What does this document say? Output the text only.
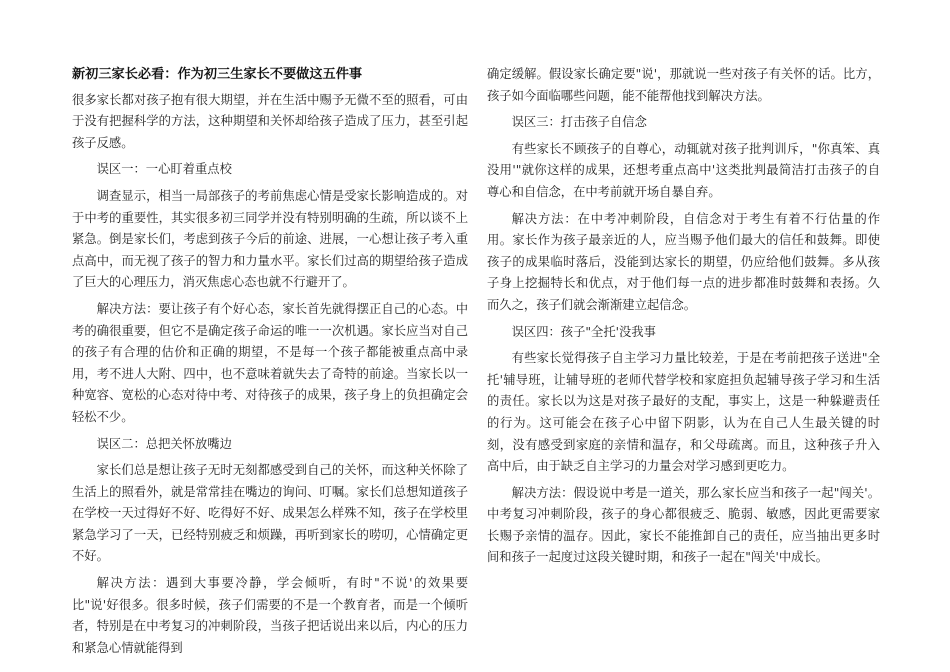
新初三家长必看：作为初三生家长不要做这五件事
很多家长都对孩子抱有很大期望，并在生活中赐予无微不至的照看，可由于没有把握科学的方法，这种期望和关怀却给孩子造成了压力，甚至引起孩子反感。
误区一：一心盯着重点校
调查显示，相当一局部孩子的考前焦虑心情是受家长影响造成的。对于中考的重要性，其实很多初三同学并没有特别明确的生疏，所以谈不上紧急。倒是家长们，考虑到孩子今后的前途、进展，一心想让孩子考入重点高中，而无视了孩子的智力和力量水平。家长们过高的期望给孩子造成了巨大的心理压力，消灭焦虑心态也就不行避开了。
解决方法：要让孩子有个好心态，家长首先就得摆正自己的心态。中考的确很重要，但它不是确定孩子命运的唯一一次机遇。家长应当对自己的孩子有合理的估价和正确的期望，不是每一个孩子都能被重点高中录用，考不进人大附、四中，也不意味着就失去了奇特的前途。当家长以一种宽容、宽松的心态对待中考、对待孩子的成果，孩子身上的负担确定会轻松不少。
误区二：总把关怀放嘴边
家长们总是想让孩子无时无刻都感受到自己的关怀，而这种关怀除了生活上的照看外，就是常常挂在嘴边的询问、叮嘱。家长们总想知道孩子在学校一天过得好不好、吃得好不好、成果怎么样殊不知，孩子在学校里紧急学习了一天，已经特别疲乏和烦躁，再听到家长的唠叨，心情确定更不好。
解决方法：遇到大事要冷静，学会倾听，有时"不说'的效果要比"说'好很多。很多时候，孩子们需要的不是一个教育者，而是一个倾听者，特别是在中考复习的冲刺阶段，当孩子把话说出来以后，内心的压力和紧急心情就能得到
确定缓解。假设家长确定要"说'，那就说一些对孩子有关怀的话。比方，孩子如今面临哪些问题，能不能帮他找到解决方法。
误区三：打击孩子自信念
有些家长不顾孩子的自尊心，动辄就对孩子批判训斥，"你真笨、真没用'"就你这样的成果，还想考重点高中'这类批判最简洁打击孩子的自尊心和自信念，在中考前就开场自暴自弃。
解决方法：在中考冲刺阶段，自信念对于考生有着不行估量的作用。家长作为孩子最亲近的人，应当赐予他们最大的信任和鼓舞。即使孩子的成果临时落后，没能到达家长的期望，仍应给他们鼓舞。多从孩子身上挖掘特长和优点，对于他们每一点的进步都准时鼓舞和表扬。久而久之，孩子们就会渐渐建立起信念。
误区四：孩子"全托'没我事
有些家长觉得孩子自主学习力量比较差，于是在考前把孩子送进"全托'辅导班，让辅导班的老师代替学校和家庭担负起辅导孩子学习和生活的责任。家长以为这是对孩子最好的支配，事实上，这是一种躲避责任的行为。这可能会在孩子心中留下阴影，认为在自己人生最关键的时刻，没有感受到家庭的亲情和温存，和父母疏离。而且，这种孩子升入高中后，由于缺乏自主学习的力量会对学习感到更吃力。
解决方法：假设说中考是一道关，那么家长应当和孩子一起"闯关'。中考复习冲刺阶段，孩子的身心都很疲乏、脆弱、敏感，因此更需要家长赐予亲情的温存。因此，家长不能推卸自己的责任，应当抽出更多时间和孩子一起度过这段关键时期，和孩子一起在"闯关'中成长。
